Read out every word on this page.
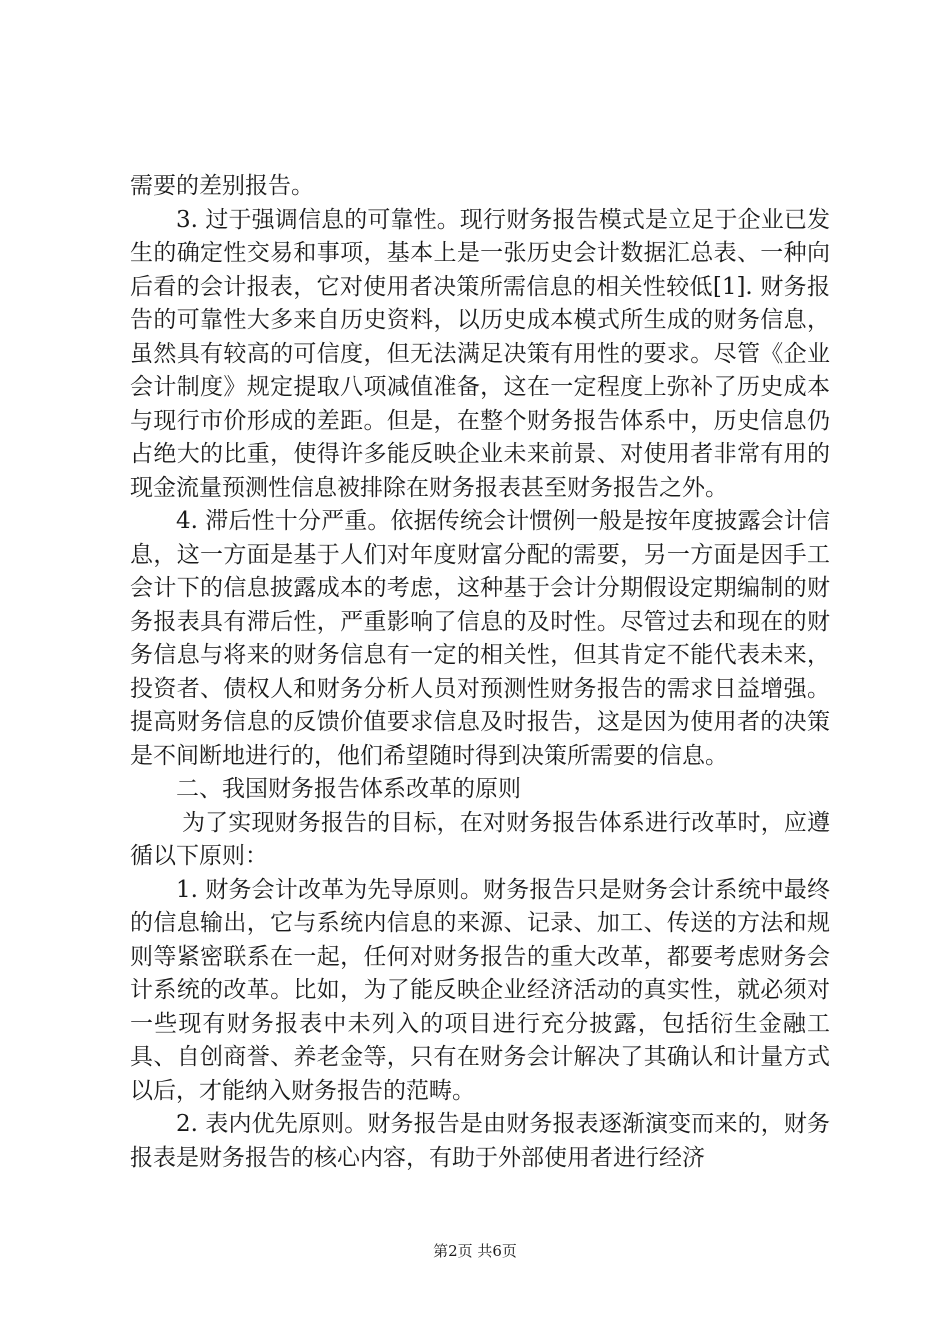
需要的差别报告。

3. 过于强调信息的可靠性。现行财务报告模式是立足于企业已发生的确定性交易和事项，基本上是一张历史会计数据汇总表、一种向后看的会计报表，它对使用者决策所需信息的相关性较低[1]. 财务报告的可靠性大多来自历史资料，以历史成本模式所生成的财务信息，虽然具有较高的可信度，但无法满足决策有用性的要求。尽管《企业会计制度》规定提取八项减值准备，这在一定程度上弥补了历史成本与现行市价形成的差距。但是，在整个财务报告体系中，历史信息仍占绝大的比重，使得许多能反映企业未来前景、对使用者非常有用的现金流量预测性信息被排除在财务报表甚至财务报告之外。

4. 滞后性十分严重。依据传统会计惯例一般是按年度披露会计信息，这一方面是基于人们对年度财富分配的需要，另一方面是因手工会计下的信息披露成本的考虑，这种基于会计分期假设定期编制的财务报表具有滞后性，严重影响了信息的及时性。尽管过去和现在的财务信息与将来的财务信息有一定的相关性，但其肯定不能代表未来，投资者、债权人和财务分析人员对预测性财务报告的需求日益增强。提高财务信息的反馈价值要求信息及时报告，这是因为使用者的决策是不间断地进行的，他们希望随时得到决策所需要的信息。

二、我国财务报告体系改革的原则

为了实现财务报告的目标，在对财务报告体系进行改革时，应遵循以下原则：

1. 财务会计改革为先导原则。财务报告只是财务会计系统中最终的信息输出，它与系统内信息的来源、记录、加工、传送的方法和规则等紧密联系在一起，任何对财务报告的重大改革，都要考虑财务会计系统的改革。比如，为了能反映企业经济活动的真实性，就必须对一些现有财务报表中未列入的项目进行充分披露，包括衍生金融工具、自创商誉、养老金等，只有在财务会计解决了其确认和计量方式以后，才能纳入财务报告的范畴。

2. 表内优先原则。财务报告是由财务报表逐渐演变而来的，财务报表是财务报告的核心内容，有助于外部使用者进行经济

第2页 共6页
